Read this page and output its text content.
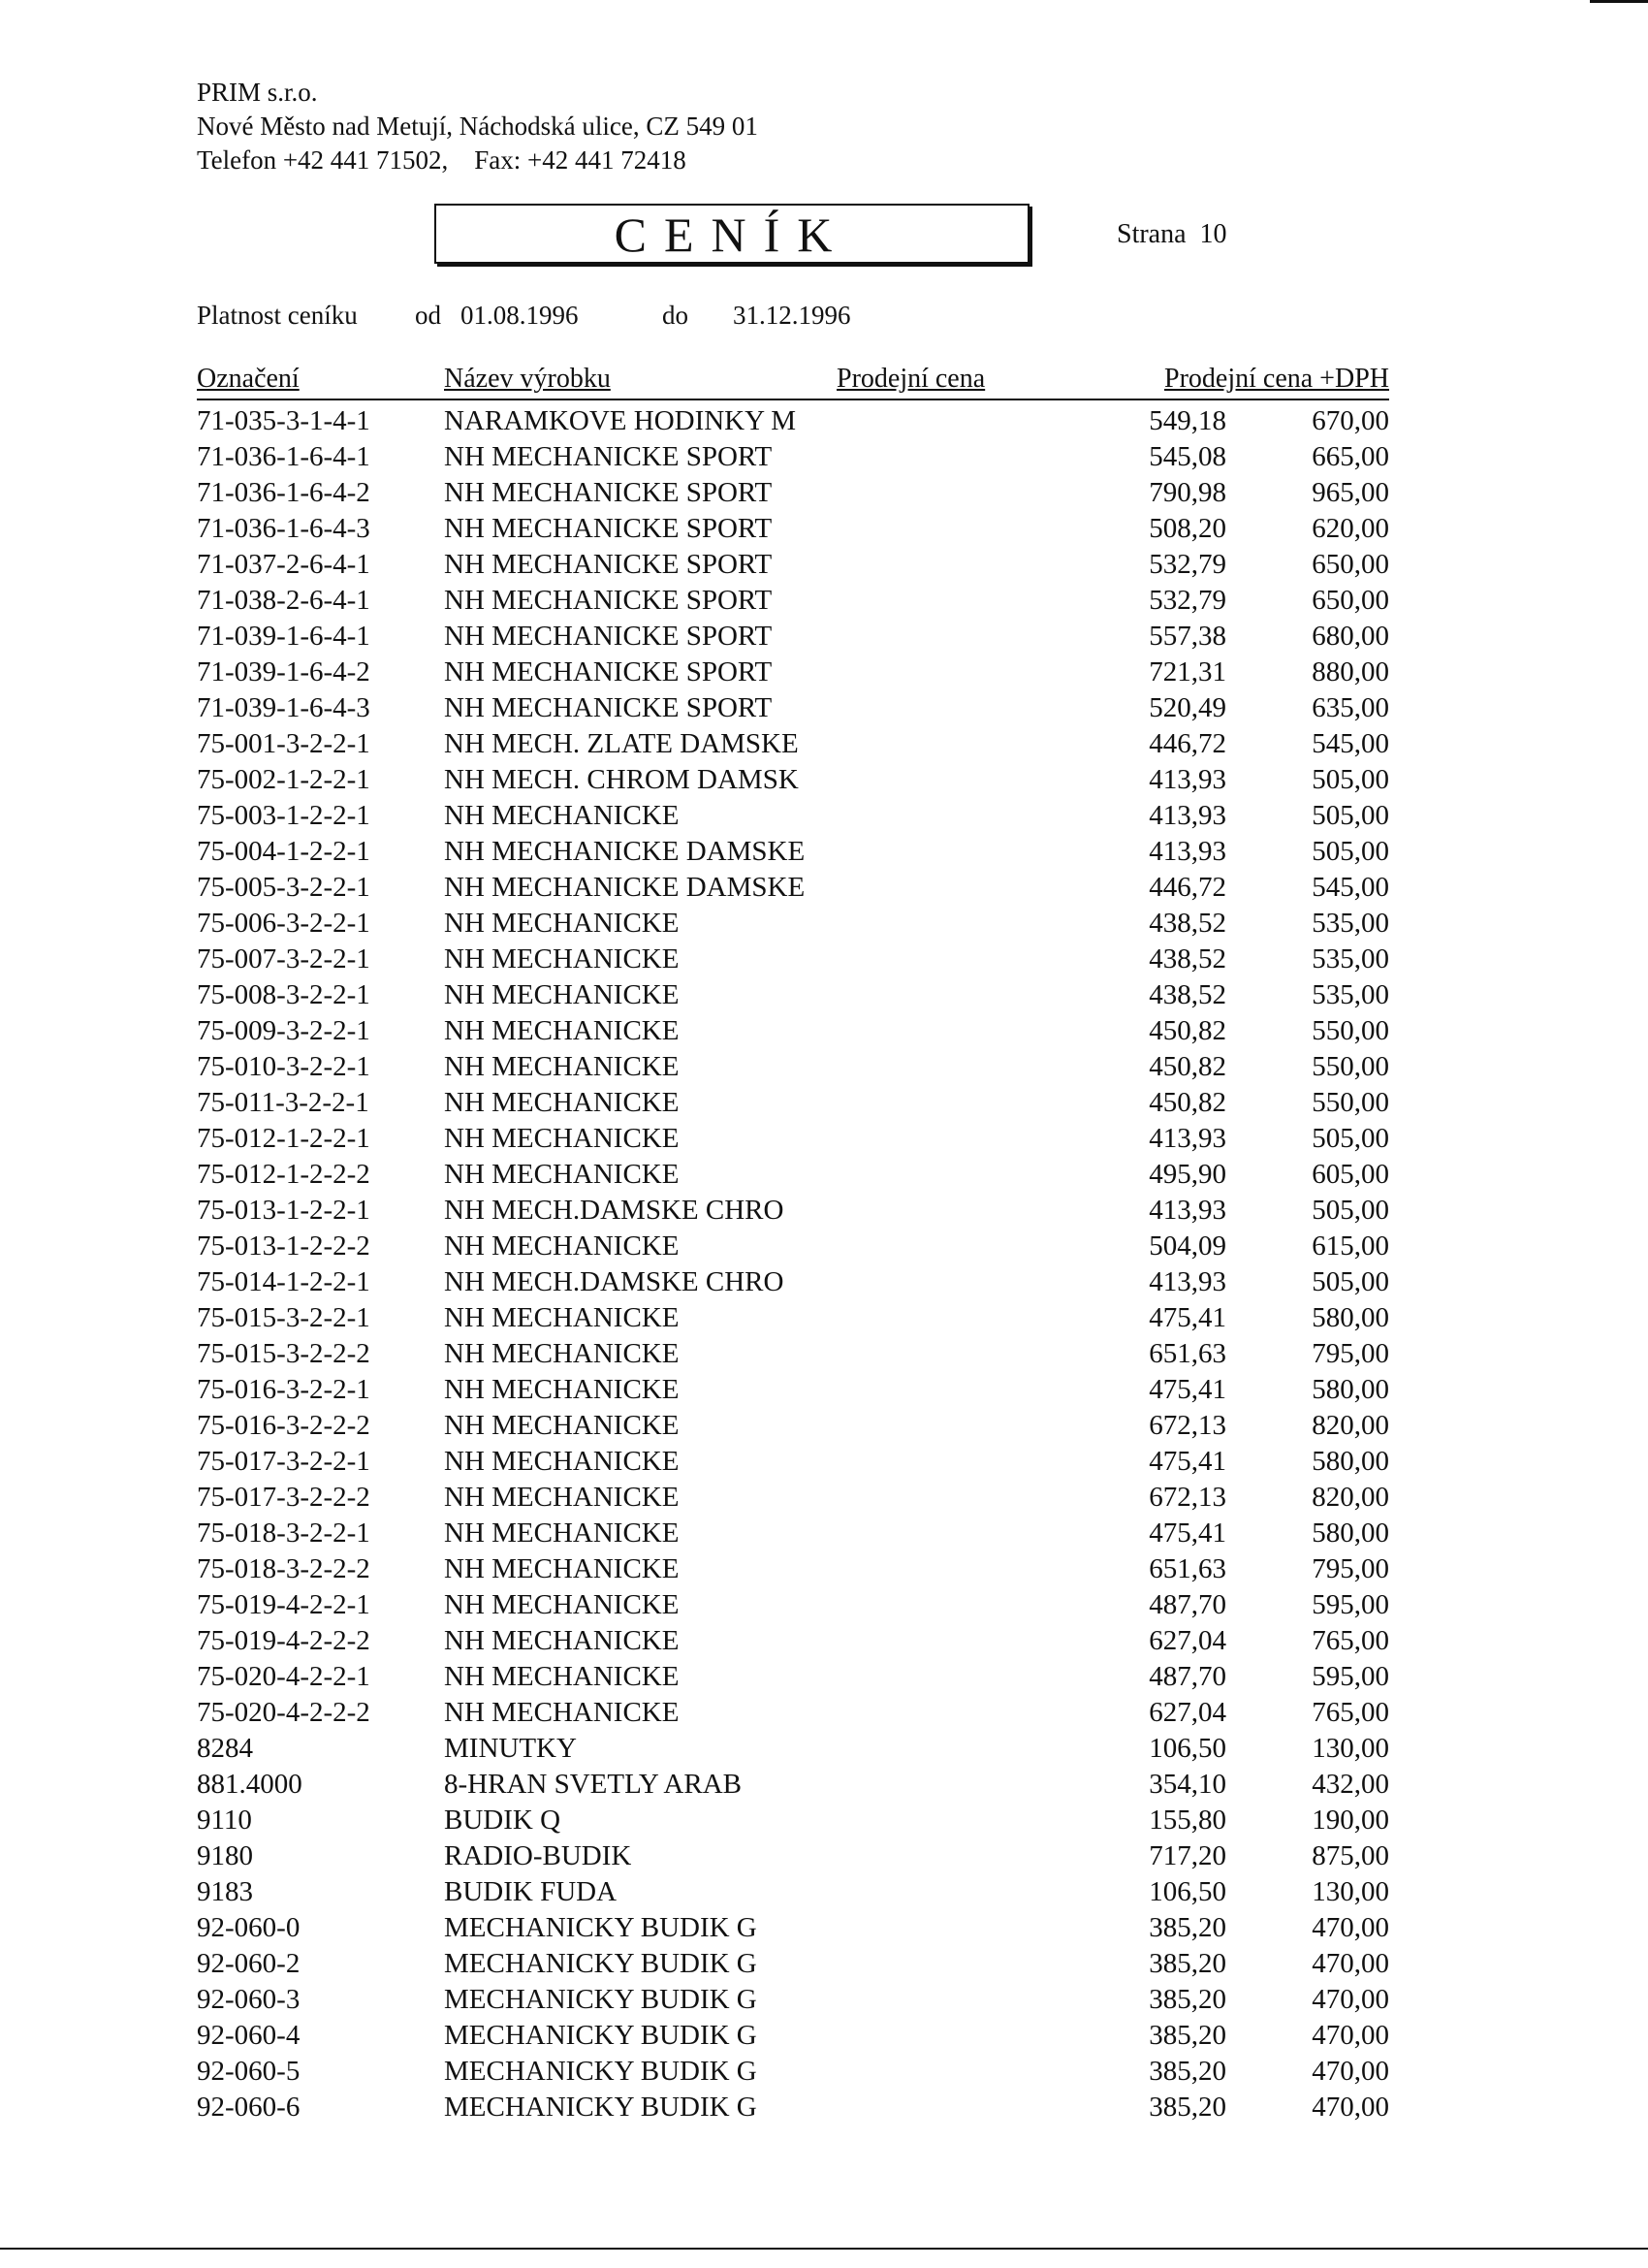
PRIM s.r.o.
Nové Město nad Metují, Náchodská ulice, CZ 549 01
Telefon +42 441 71502,    Fax: +42 441 72418
CENÍK	Strana  10
Platnost ceníku od 01.08.1996	do 31.12.1996
Označení	Název výrobku	Prodejní cena	Prodejní cena +DPH
71-035-3-1-4-1	NARAMKOVE HODINKY M	549,18	670,00
71-036-1-6-4-1	NH MECHANICKE SPORT	545,08	665,00
71-036-1-6-4-2	NH MECHANICKE SPORT	790,98	965,00
71-036-1-6-4-3	NH MECHANICKE SPORT	508,20	620,00
71-037-2-6-4-1	NH MECHANICKE SPORT	532,79	650,00
71-038-2-6-4-1	NH MECHANICKE SPORT	532,79	650,00
71-039-1-6-4-1	NH MECHANICKE SPORT	557,38	680,00
71-039-1-6-4-2	NH MECHANICKE SPORT	721,31	880,00
71-039-1-6-4-3	NH MECHANICKE SPORT	520,49	635,00
75-001-3-2-2-1	NH MECH. ZLATE DAMSKE	446,72	545,00
75-002-1-2-2-1	NH MECH. CHROM DAMSK	413,93	505,00
75-003-1-2-2-1	NH MECHANICKE	413,93	505,00
75-004-1-2-2-1	NH MECHANICKE DAMSKE	413,93	505,00
75-005-3-2-2-1	NH MECHANICKE DAMSKE	446,72	545,00
75-006-3-2-2-1	NH MECHANICKE	438,52	535,00
75-007-3-2-2-1	NH MECHANICKE	438,52	535,00
75-008-3-2-2-1	NH MECHANICKE	438,52	535,00
75-009-3-2-2-1	NH MECHANICKE	450,82	550,00
75-010-3-2-2-1	NH MECHANICKE	450,82	550,00
75-011-3-2-2-1	NH MECHANICKE	450,82	550,00
75-012-1-2-2-1	NH MECHANICKE	413,93	505,00
75-012-1-2-2-2	NH MECHANICKE	495,90	605,00
75-013-1-2-2-1	NH MECH.DAMSKE CHRO	413,93	505,00
75-013-1-2-2-2	NH MECHANICKE	504,09	615,00
75-014-1-2-2-1	NH MECH.DAMSKE CHRO	413,93	505,00
75-015-3-2-2-1	NH MECHANICKE	475,41	580,00
75-015-3-2-2-2	NH MECHANICKE	651,63	795,00
75-016-3-2-2-1	NH MECHANICKE	475,41	580,00
75-016-3-2-2-2	NH MECHANICKE	672,13	820,00
75-017-3-2-2-1	NH MECHANICKE	475,41	580,00
75-017-3-2-2-2	NH MECHANICKE	672,13	820,00
75-018-3-2-2-1	NH MECHANICKE	475,41	580,00
75-018-3-2-2-2	NH MECHANICKE	651,63	795,00
75-019-4-2-2-1	NH MECHANICKE	487,70	595,00
75-019-4-2-2-2	NH MECHANICKE	627,04	765,00
75-020-4-2-2-1	NH MECHANICKE	487,70	595,00
75-020-4-2-2-2	NH MECHANICKE	627,04	765,00
8284	MINUTKY	106,50	130,00
881.4000	8-HRAN SVETLY ARAB	354,10	432,00
9110	BUDIK Q	155,80	190,00
9180	RADIO-BUDIK	717,20	875,00
9183	BUDIK FUDA	106,50	130,00
92-060-0	MECHANICKY BUDIK G	385,20	470,00
92-060-2	MECHANICKY BUDIK G	385,20	470,00
92-060-3	MECHANICKY BUDIK G	385,20	470,00
92-060-4	MECHANICKY BUDIK G	385,20	470,00
92-060-5	MECHANICKY BUDIK G	385,20	470,00
92-060-6	MECHANICKY BUDIK G	385,20	470,00
